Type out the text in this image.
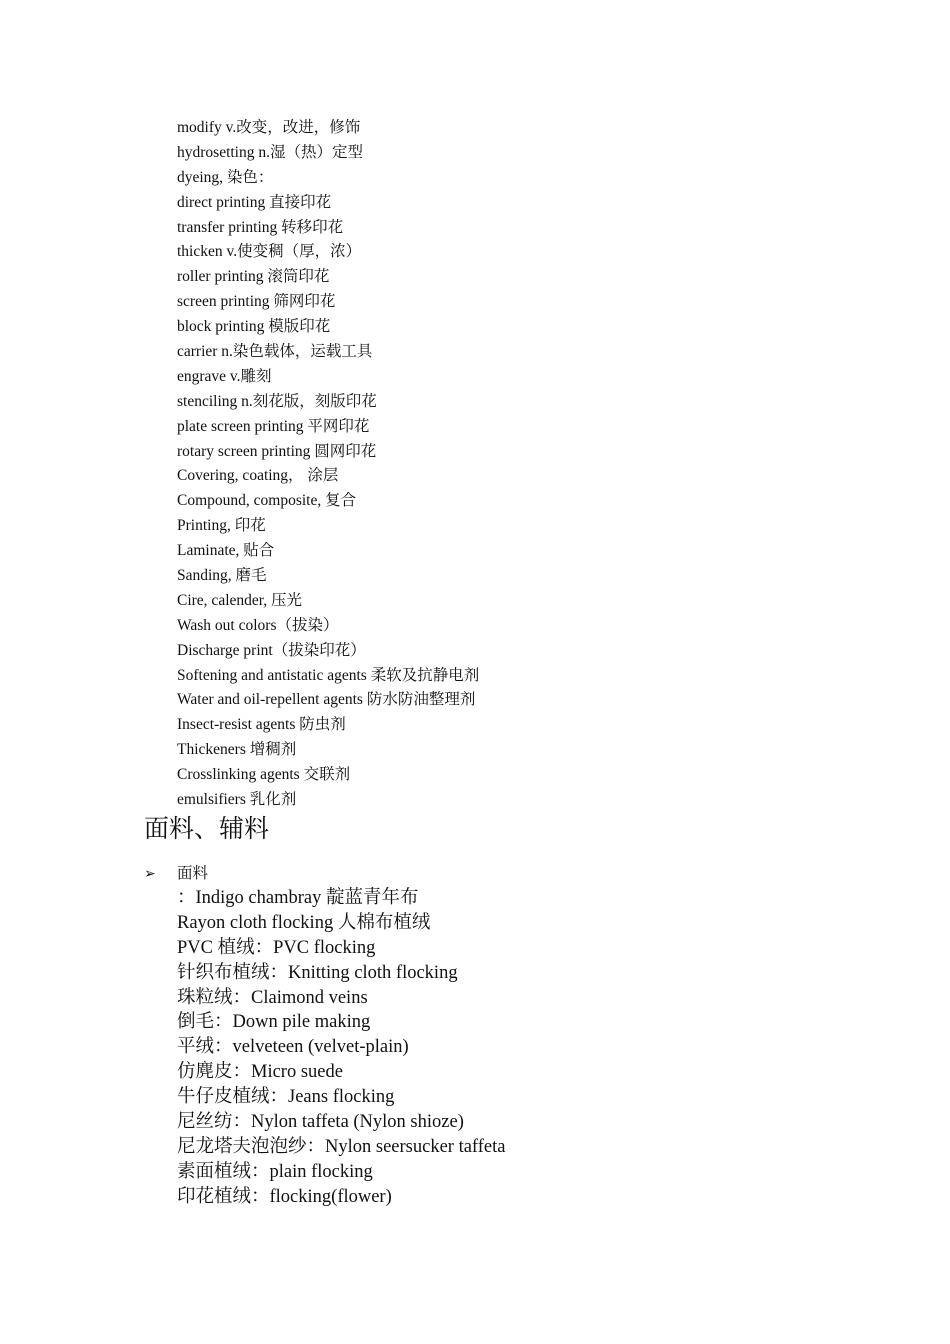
modify v.改变，改进，修饰
hydrosetting n.湿（热）定型
dyeing, 染色：
direct printing 直接印花
transfer printing 转移印花
thicken v.使变稠（厚，浓）
roller printing 滚筒印花
screen printing 筛网印花
block printing 模版印花
carrier n.染色载体，运载工具
engrave v.雕刻
stenciling n.刻花版，刻版印花
plate screen printing 平网印花
rotary screen printing 圆网印花
Covering, coating， 涂层
Compound, composite, 复合
Printing, 印花
Laminate, 贴合
Sanding, 磨毛
Cire, calender, 压光
Wash out colors（拔染）
Discharge print（拔染印花）
Softening and antistatic agents 柔软及抗静电剂
Water and oil-repellent agents 防水防油整理剂
Insect-resist agents 防虫剂
Thickeners 增稠剂
Crosslinking agents 交联剂
emulsifiers 乳化剂
面料、辅料
➢ 面料
：Indigo chambray 靛蓝青年布
Rayon cloth flocking 人棉布植绒
PVC 植绒：PVC flocking
针织布植绒：Knitting cloth flocking
珠粒绒：Claimond veins
倒毛：Down pile making
平绒：velveteen (velvet-plain)
仿麂皮：Micro suede
牛仔皮植绒：Jeans flocking
尼丝纺：Nylon taffeta (Nylon shioze)
尼龙塔夫泡泡纱：Nylon seersucker taffeta
素面植绒：plain flocking
印花植绒：flocking(flower)
